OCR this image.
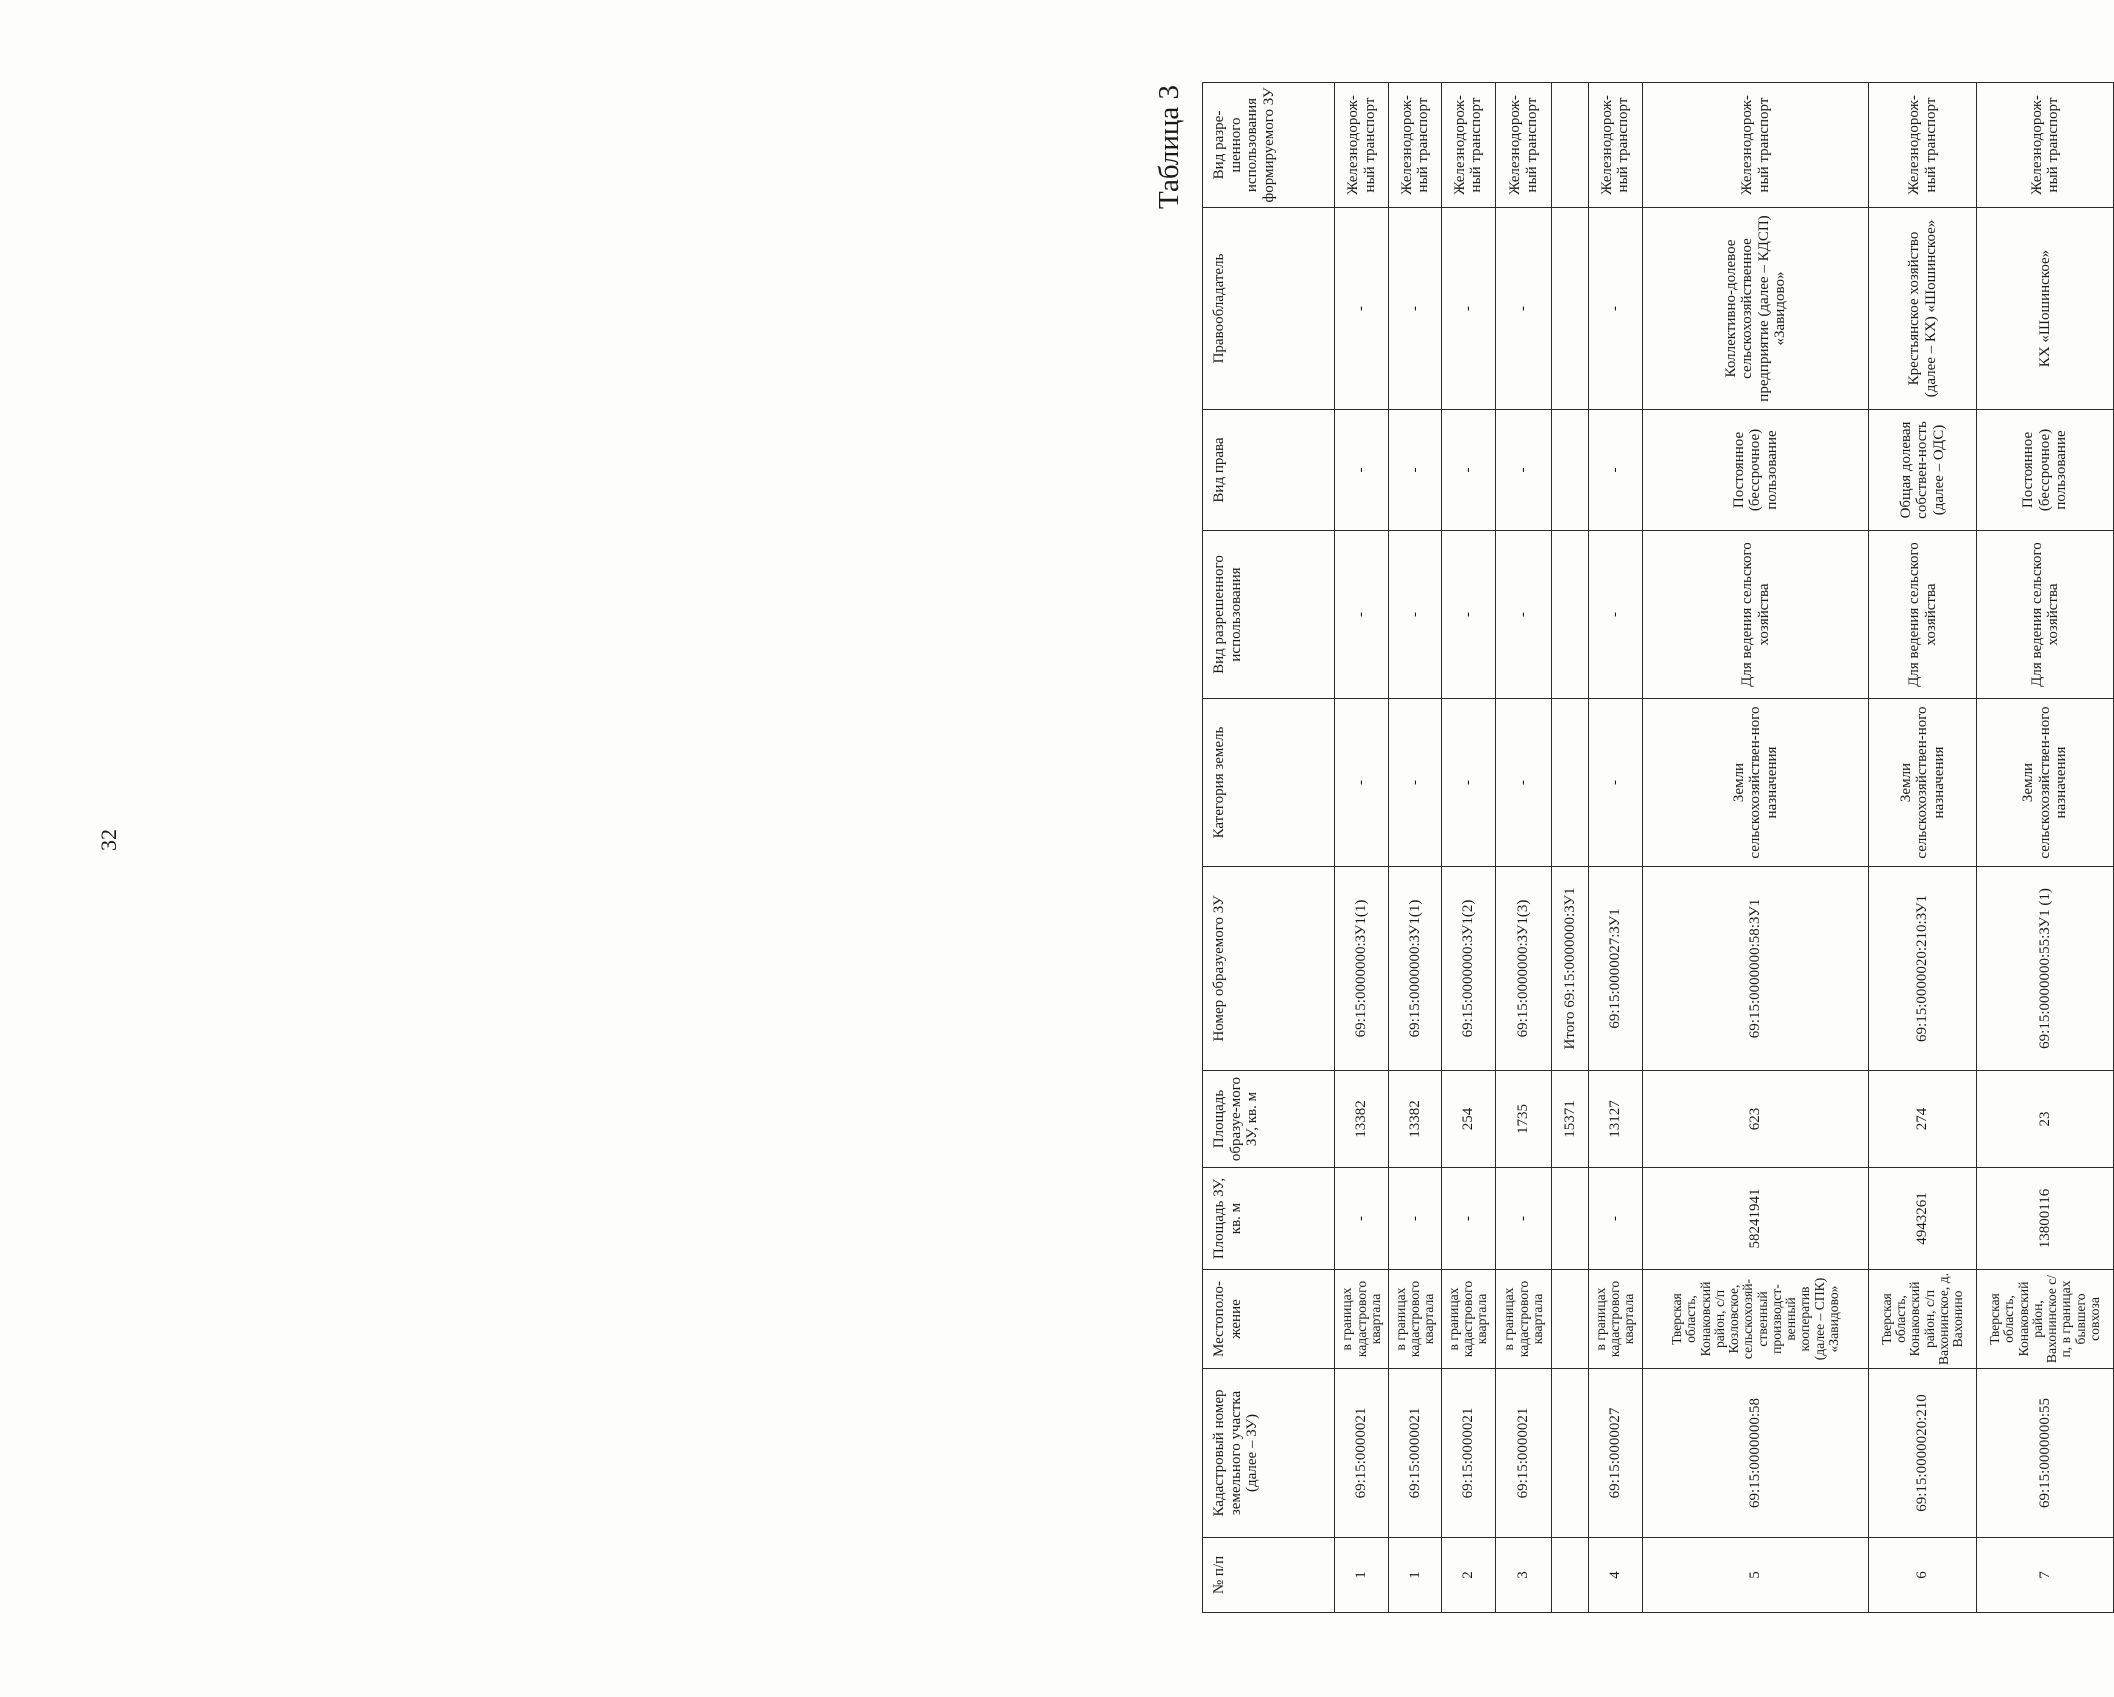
32
Таблица 3
№ п/п	Кадастровый номер земельного участка (далее – ЗУ)	Местополо-жение	Площадь ЗУ, кв. м	Площадь образуе-мого ЗУ, кв. м	Номер образуемого ЗУ	Категория земель	Вид разрешенного использования	Вид права	Правообладатель	Вид разре-шенного использования формируемого ЗУ
1	69:15:0000021	в границах кадастрового квартала	-	13382	69:15:0000000:ЗУ1(1)	-	-	-	-	Железнодорож-ный транспорт
1	69:15:0000021	в границах кадастрового квартала	-	13382	69:15:0000000:ЗУ1(1)	-	-	-	-	Железнодорож-ный транспорт
2	69:15:0000021	в границах кадастрового квартала	-	254	69:15:0000000:ЗУ1(2)	-	-	-	-	Железнодорож-ный транспорт
3	69:15:0000021	в границах кадастрового квартала	-	1735	69:15:0000000:ЗУ1(3)	-	-	-	-	Железнодорож-ный транспорт
				15371	Итого 69:15:0000000:ЗУ1					
4	69:15:0000027	в границах кадастрового квартала	-	13127	69:15:0000027:ЗУ1	-	-	-	-	Железнодорож-ный транспорт
5	69:15:0000000:58	Тверская область, Конаковский район, с/п Козловское, сельскохозяй-ственный производст-венный кооператив (далее – СПК) «Завидово»	58241941	623	69:15:0000000:58:ЗУ1	Земли сельскохозяйствен-ного назначения	Для ведения сельского хозяйства	Постоянное (бессрочное) пользование	Коллективно-долевое сельскохозяйственное предприятие (далее – КДСП) «Завидово»	Железнодорож-ный транспорт
6	69:15:0000020:210	Тверская область, Конаковский район, с/п Вахонинское, д. Вахонино	4943261	274	69:15:0000020:210:ЗУ1	Земли сельскохозяйствен-ного назначения	Для ведения сельского хозяйства	Общая долевая собствен-ность (далее – ОДС)	Крестьянское хозяйство (далее – КХ) «Шошинское»	Железнодорож-ный транспорт
7	69:15:0000000:55	Тверская область, Конаковский район, Вахонинское с/п, в границах бывшего совхоза	13800116	23	69:15:0000000:55:ЗУ1 (1)	Земли сельскохозяйствен-ного назначения	Для ведения сельского хозяйства	Постоянное (бессрочное) пользование	КХ «Шошинское»	Железнодорож-ный транспорт
